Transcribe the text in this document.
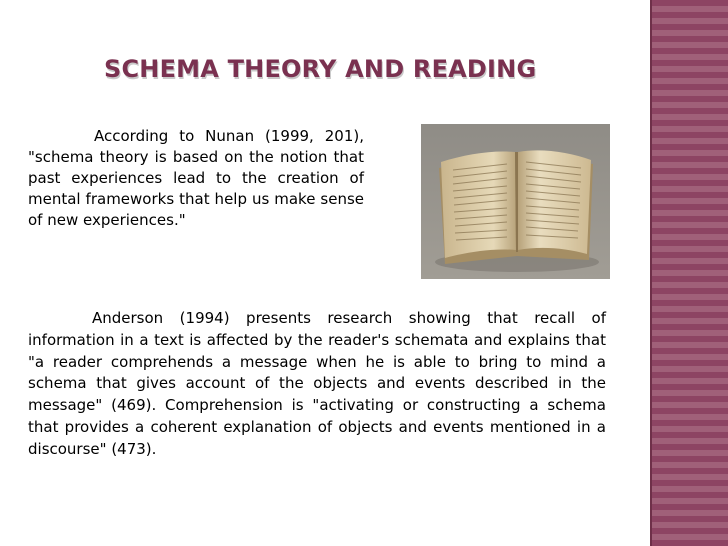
SCHEMA THEORY AND READING

According to Nunan (1999, 201), "schema theory is based on the notion that past experiences lead to the creation of mental frameworks that help us make sense of new experiences."

Anderson (1994) presents research showing that recall of information in a text is affected by the reader's schemata and explains that "a reader comprehends a message when he is able to bring to mind a schema that gives account of the objects and events described in the message" (469). Comprehension is "activating or constructing a schema that provides a coherent explanation of objects and events mentioned in a discourse" (473).
